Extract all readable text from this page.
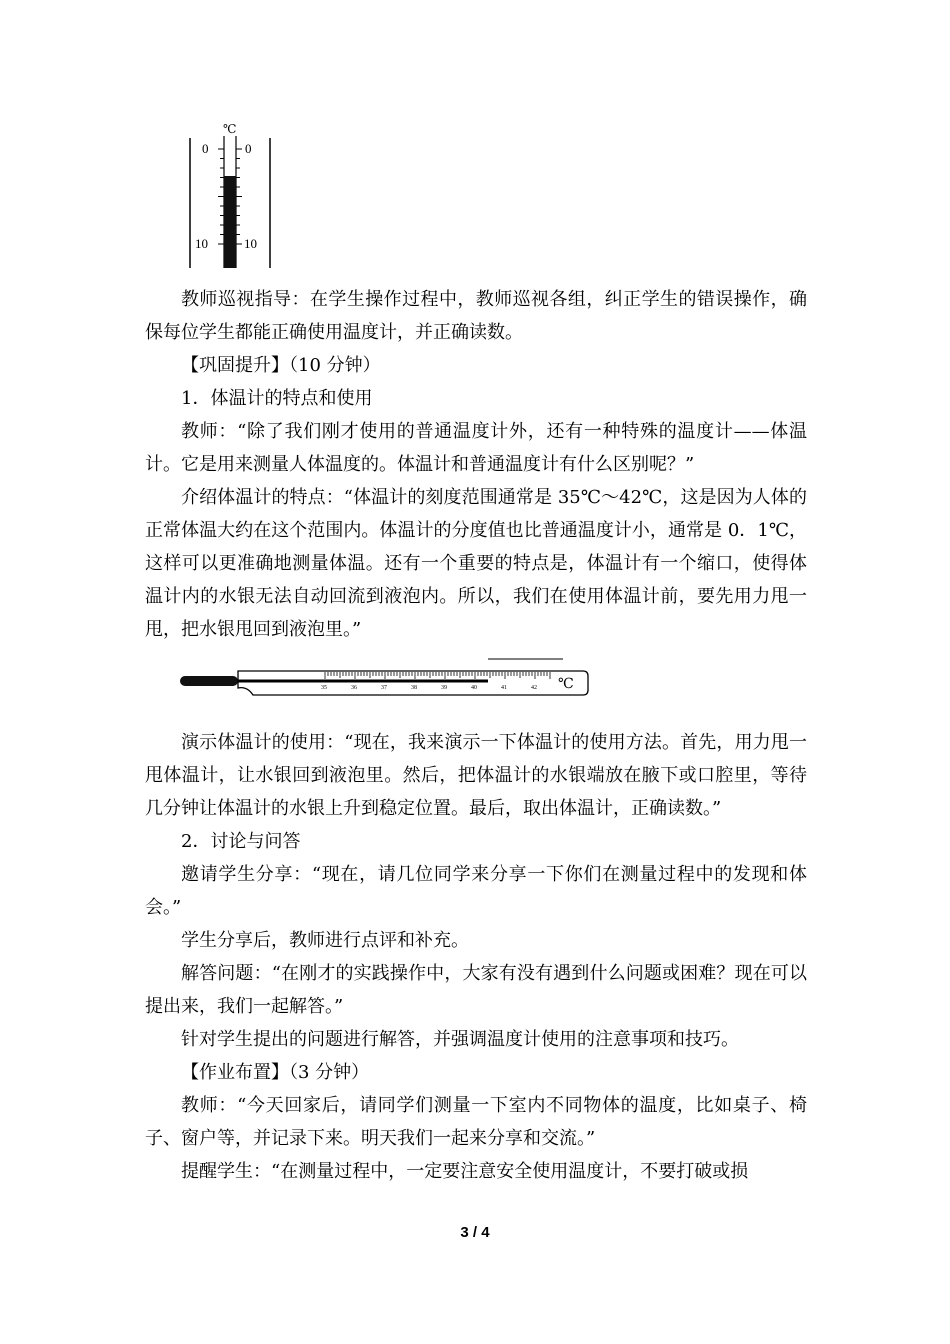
℃
0	0
10	10

教师巡视指导：在学生操作过程中，教师巡视各组，纠正学生的错误操作，确保每位学生都能正确使用温度计，并正确读数。

【巩固提升】（10 分钟）

1．体温计的特点和使用

教师：“除了我们刚才使用的普通温度计外，还有一种特殊的温度计——体温计。它是用来测量人体温度的。体温计和普通温度计有什么区别呢？”

介绍体温计的特点：“体温计的刻度范围通常是 35℃～42℃，这是因为人体的正常体温大约在这个范围内。体温计的分度值也比普通温度计小，通常是 0．1℃，这样可以更准确地测量体温。还有一个重要的特点是，体温计有一个缩口，使得体温计内的水银无法自动回流到液泡内。所以，我们在使用体温计前，要先用力甩一甩，把水银甩回到液泡里。”

35	36	37	38	39	40	41	42 ℃

演示体温计的使用：“现在，我来演示一下体温计的使用方法。首先，用力甩一甩体温计，让水银回到液泡里。然后，把体温计的水银端放在腋下或口腔里，等待几分钟让体温计的水银上升到稳定位置。最后，取出体温计，正确读数。”

2．讨论与问答

邀请学生分享：“现在，请几位同学来分享一下你们在测量过程中的发现和体会。”

学生分享后，教师进行点评和补充。

解答问题：“在刚才的实践操作中，大家有没有遇到什么问题或困难？现在可以提出来，我们一起解答。”

针对学生提出的问题进行解答，并强调温度计使用的注意事项和技巧。

【作业布置】（3 分钟）

教师：“今天回家后，请同学们测量一下室内不同物体的温度，比如桌子、椅子、窗户等，并记录下来。明天我们一起来分享和交流。”

提醒学生：“在测量过程中，一定要注意安全使用温度计，不要打破或损

3 / 4
